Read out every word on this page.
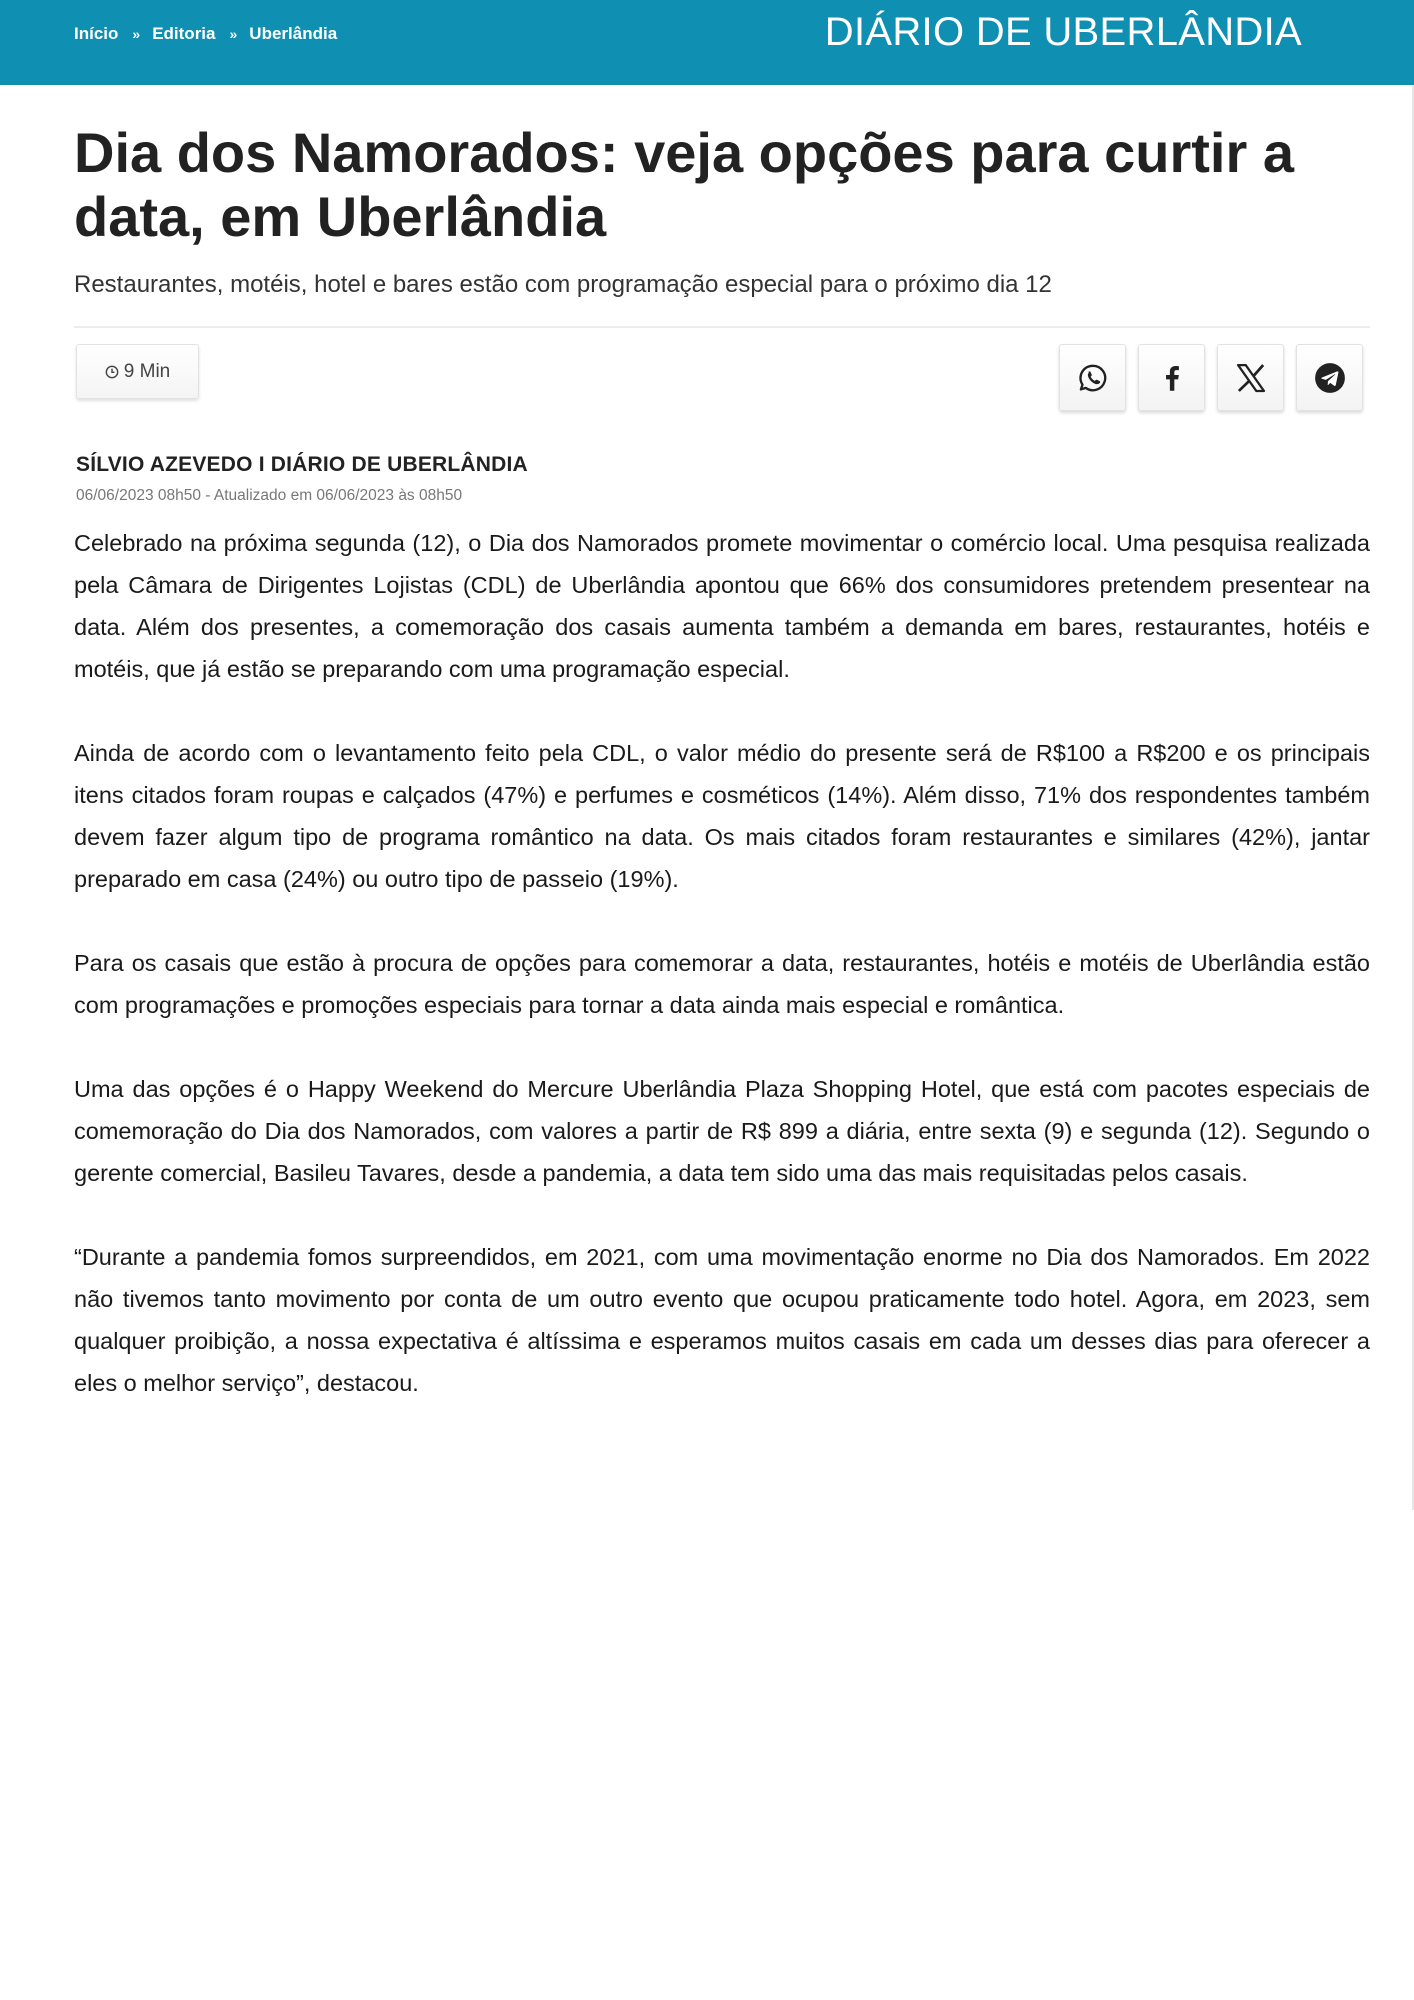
Início » Editoria » Uberlândia	DIÁRIO DE UBERLÂNDIA
Dia dos Namorados: veja opções para curtir a data, em Uberlândia

Restaurantes, motéis, hotel e bares estão com programação especial para o próximo dia 12

9 Min
SÍLVIO AZEVEDO I DIÁRIO DE UBERLÂNDIA
06/06/2023 08h50 - Atualizado em 06/06/2023 às 08h50

Celebrado na próxima segunda (12), o Dia dos Namorados promete movimentar o comércio local. Uma pesquisa realizada pela Câmara de Dirigentes Lojistas (CDL) de Uberlândia apontou que 66% dos consumidores pretendem presentear na data. Além dos presentes, a comemoração dos casais aumenta também a demanda em bares, restaurantes, hotéis e motéis, que já estão se preparando com uma programação especial.

Ainda de acordo com o levantamento feito pela CDL, o valor médio do presente será de R$100 a R$200 e os principais itens citados foram roupas e calçados (47%) e perfumes e cosméticos (14%). Além disso, 71% dos respondentes também devem fazer algum tipo de programa romântico na data. Os mais citados foram restaurantes e similares (42%), jantar preparado em casa (24%) ou outro tipo de passeio (19%).

Para os casais que estão à procura de opções para comemorar a data, restaurantes, hotéis e motéis de Uberlândia estão com programações e promoções especiais para tornar a data ainda mais especial e romântica.

Uma das opções é o Happy Weekend do Mercure Uberlândia Plaza Shopping Hotel, que está com pacotes especiais de comemoração do Dia dos Namorados, com valores a partir de R$ 899 a diária, entre sexta (9) e segunda (12). Segundo o gerente comercial, Basileu Tavares, desde a pandemia, a data tem sido uma das mais requisitadas pelos casais.

“Durante a pandemia fomos surpreendidos, em 2021, com uma movimentação enorme no Dia dos Namorados. Em 2022 não tivemos tanto movimento por conta de um outro evento que ocupou praticamente todo hotel. Agora, em 2023, sem qualquer proibição, a nossa expectativa é altíssima e esperamos muitos casais em cada um desses dias para oferecer a eles o melhor serviço”, destacou.
